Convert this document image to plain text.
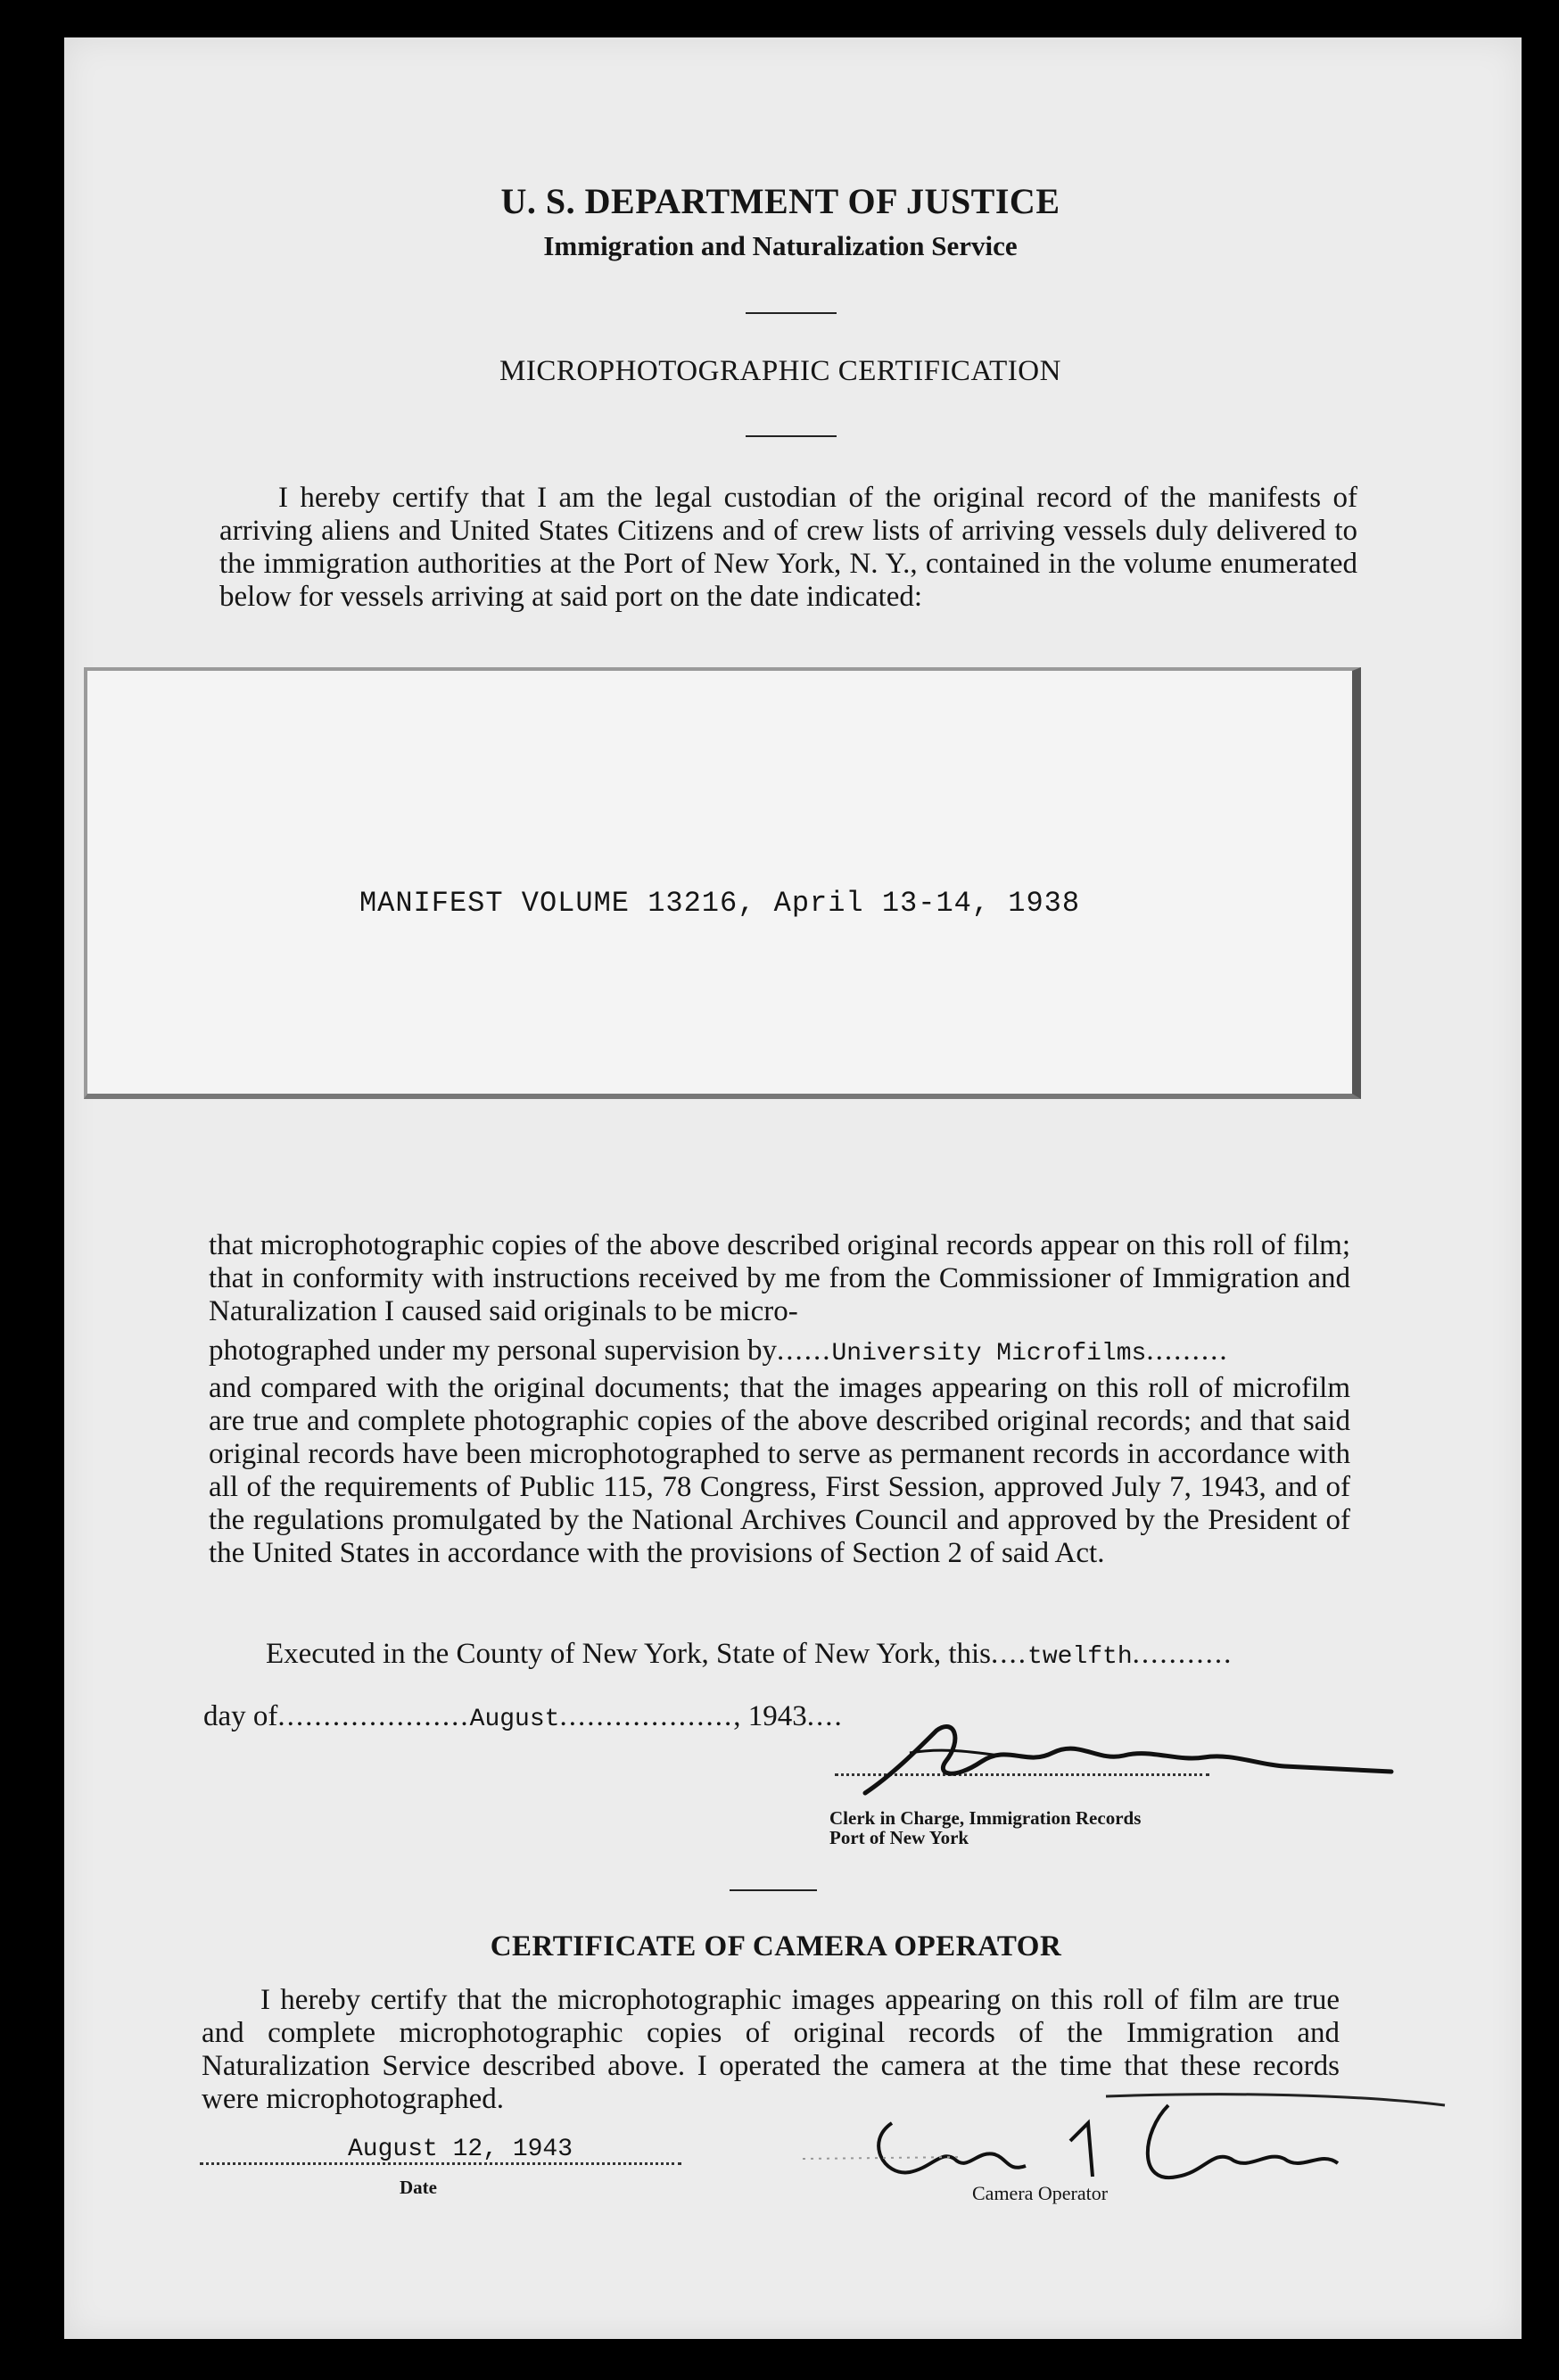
U. S. DEPARTMENT OF JUSTICE
Immigration and Naturalization Service
MICROPHOTOGRAPHIC CERTIFICATION
I hereby certify that I am the legal custodian of the original record of the manifests of arriving aliens and United States Citizens and of crew lists of arriving vessels duly delivered to the immigration authorities at the Port of New York, N. Y., contained in the volume enumerated below for vessels arriving at said port on the date indicated:
MANIFEST VOLUME 13216, April 13-14, 1938
that microphotographic copies of the above described original records appear on this roll of film; that in conformity with instructions received by me from the Commissioner of Immigration and Naturalization I caused said originals to be micro-
photographed under my personal supervision by......University Microfilms.........
and compared with the original documents; that the images appearing on this roll of microfilm are true and complete photographic copies of the above described original records; and that said original records have been microphotographed to serve as permanent records in accordance with all of the requirements of Public 115, 78 Congress, First Session, approved July 7, 1943, and of the regulations promulgated by the National Archives Council and approved by the President of the United States in accordance with the provisions of Section 2 of said Act.
Executed in the County of New York, State of New York, this....twelfth...........
day of.....................August..................., 1943....
Clerk in Charge, Immigration Records
Port of New York
CERTIFICATE OF CAMERA OPERATOR
I hereby certify that the microphotographic images appearing on this roll of film are true and complete microphotographic copies of original records of the Immigration and Naturalization Service described above. I operated the camera at the time that these records were microphotographed.
August 12, 1943
Date	Camera Operator
